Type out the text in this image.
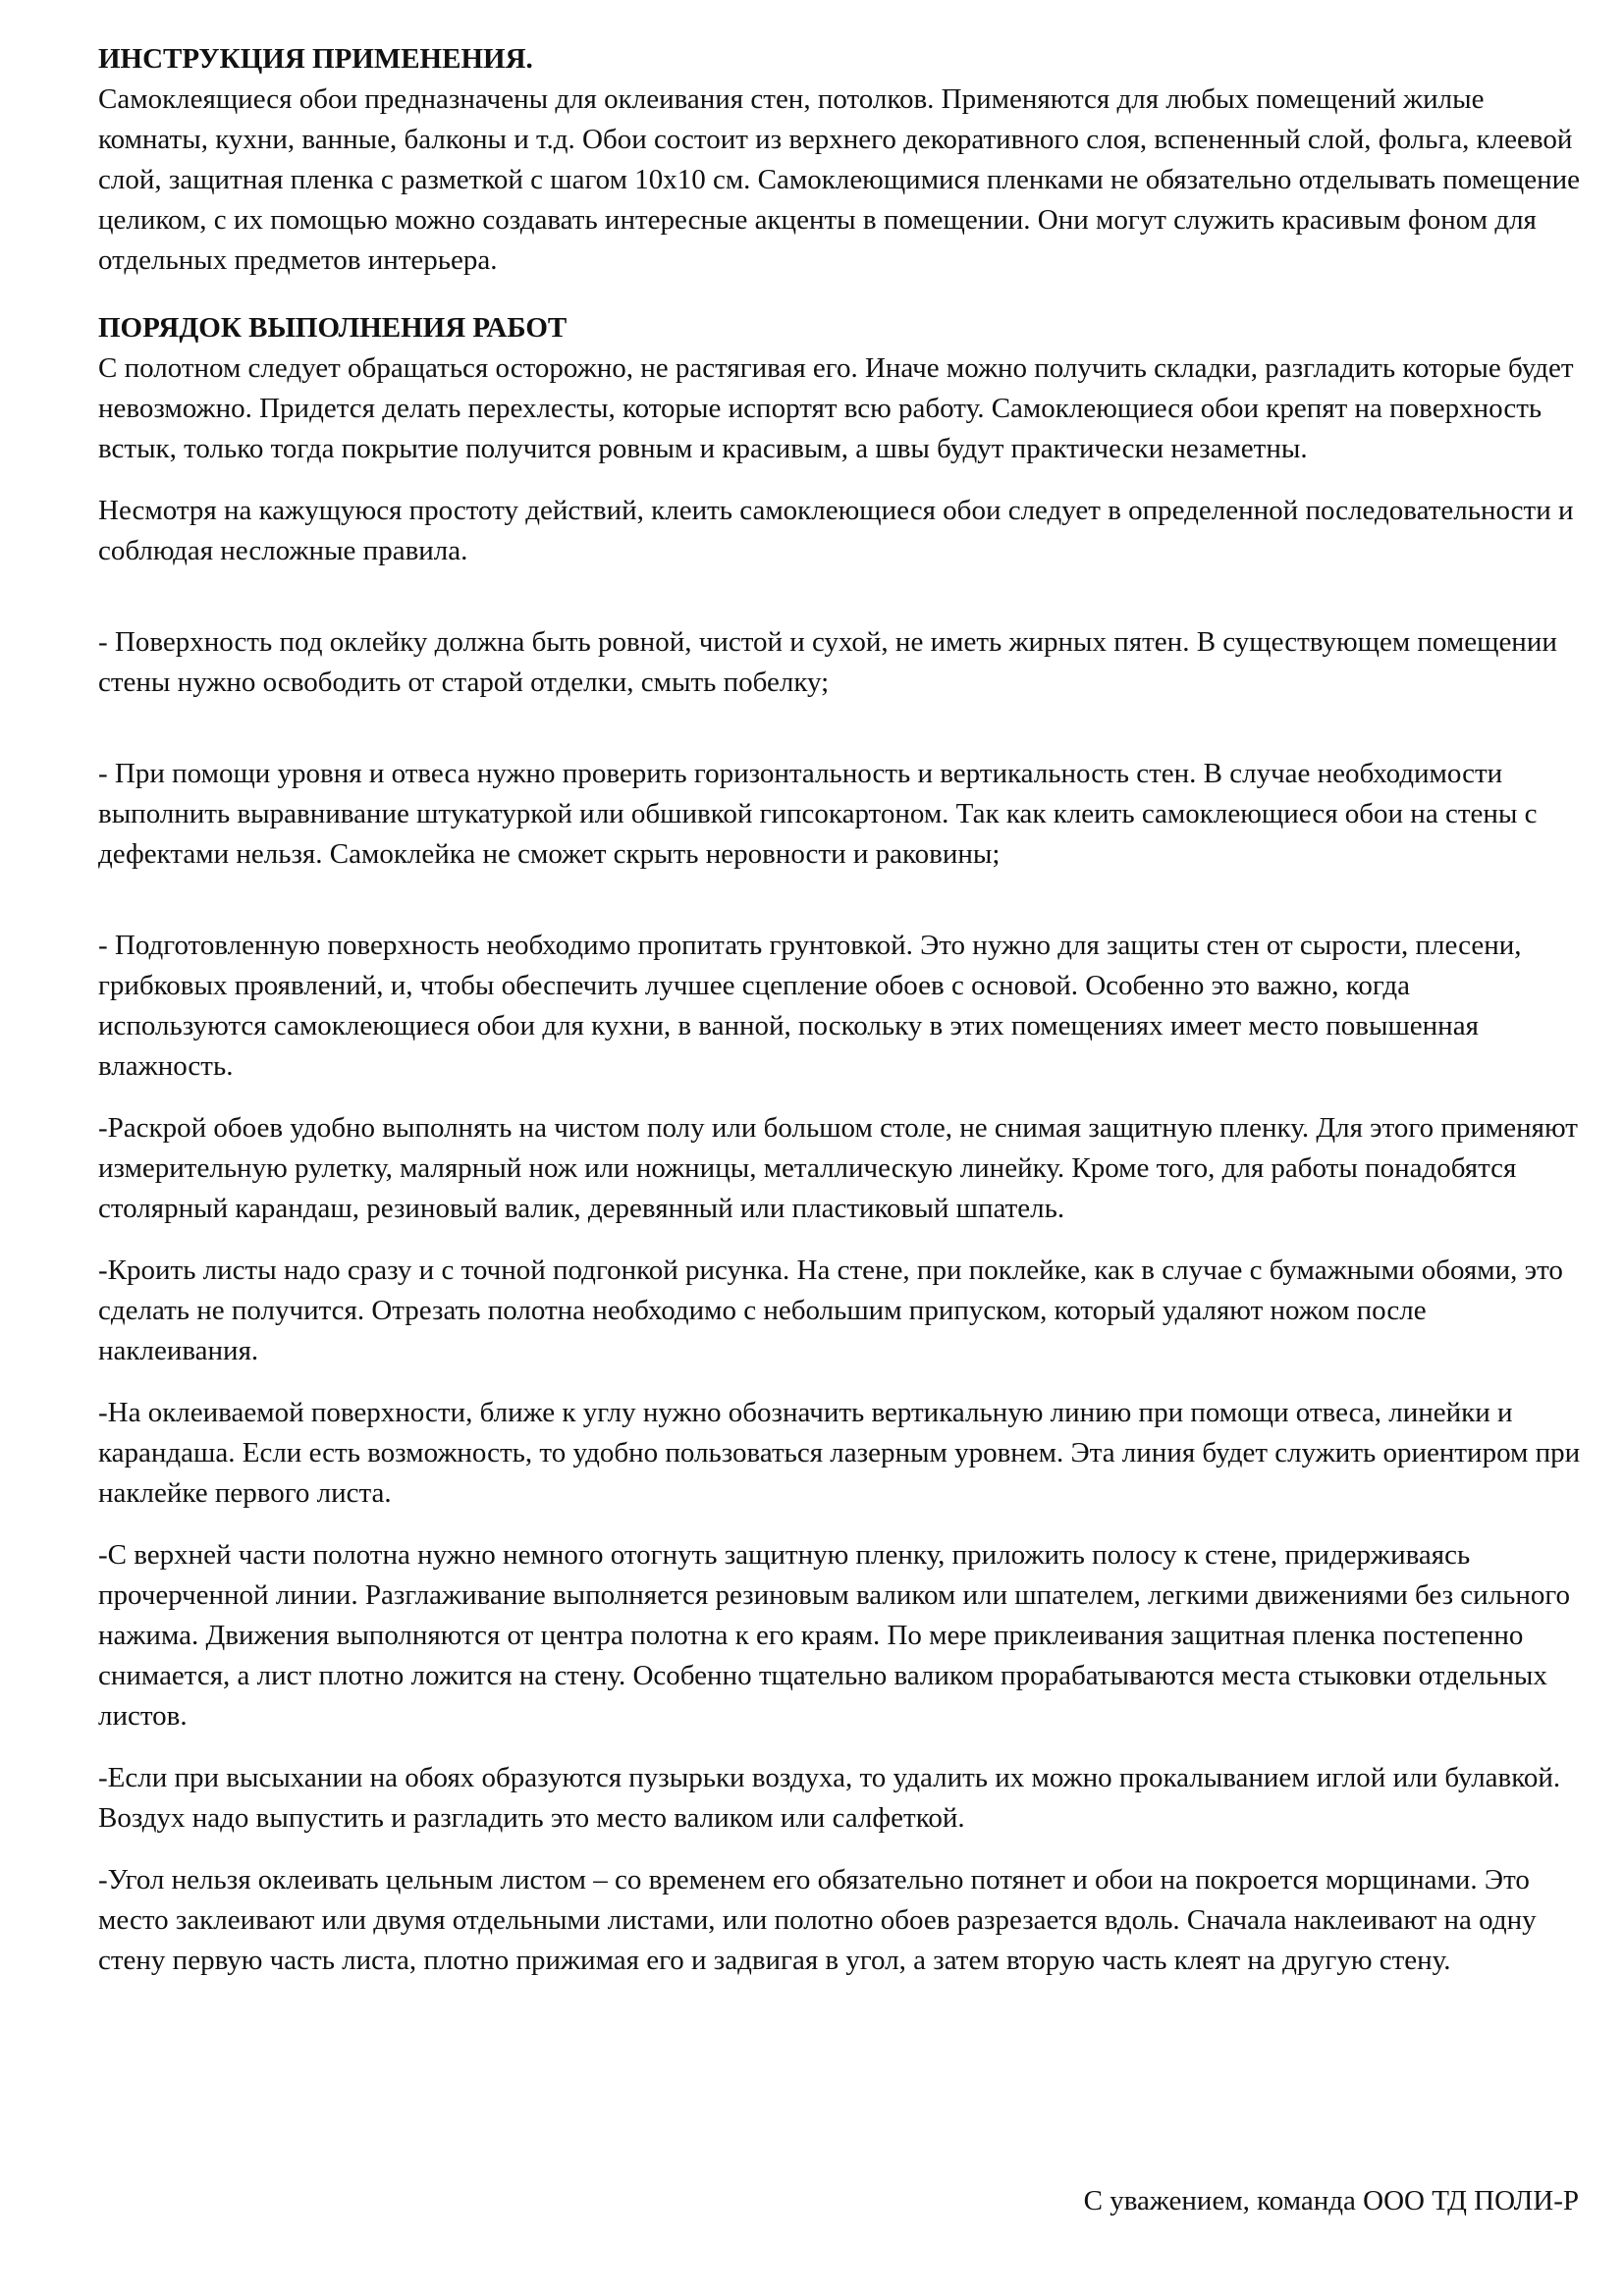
ИНСТРУКЦИЯ ПРИМЕНЕНИЯ.

Самоклеящиеся обои предназначены для оклеивания стен, потолков. Применяются для любых помещений жилые комнаты, кухни, ванные, балконы и т.д. Обои состоит из верхнего декоративного слоя, вспененный слой, фольга, клеевой слой, защитная пленка с разметкой с шагом 10х10 см. Самоклеющимися пленками не обязательно отделывать помещение целиком, с их помощью можно создавать интересные акценты в помещении. Они могут служить красивым фоном для отдельных предметов интерьера.

ПОРЯДОК ВЫПОЛНЕНИЯ РАБОТ

С полотном следует обращаться осторожно, не растягивая его. Иначе можно получить складки, разгладить которые будет невозможно. Придется делать перехлесты, которые испортят всю работу. Самоклеющиеся обои крепят на поверхность встык, только тогда покрытие получится ровным и красивым, а швы будут практически незаметны.

Несмотря на кажущуюся простоту действий, клеить самоклеющиеся обои следует в определенной последовательности и соблюдая несложные правила.

- Поверхность под оклейку должна быть ровной, чистой и сухой, не иметь жирных пятен. В существующем помещении стены нужно освободить от старой отделки, смыть побелку;

- При помощи уровня и отвеса нужно проверить горизонтальность и вертикальность стен. В случае необходимости выполнить выравнивание штукатуркой или обшивкой гипсокартоном. Так как клеить самоклеющиеся обои на стены с дефектами нельзя. Самоклейка не сможет скрыть неровности и раковины;

- Подготовленную поверхность необходимо пропитать грунтовкой. Это нужно для защиты стен от сырости, плесени, грибковых проявлений, и, чтобы обеспечить лучшее сцепление обоев с основой. Особенно это важно, когда используются самоклеющиеся обои для кухни, в ванной, поскольку в этих помещениях имеет место повышенная влажность.

-Раскрой обоев удобно выполнять на чистом полу или большом столе, не снимая защитную пленку. Для этого применяют измерительную рулетку, малярный нож или ножницы, металлическую линейку. Кроме того, для работы понадобятся столярный карандаш, резиновый валик, деревянный или пластиковый шпатель.

-Кроить листы надо сразу и с точной подгонкой рисунка. На стене, при поклейке, как в случае с бумажными обоями, это сделать не получится. Отрезать полотна необходимо с небольшим припуском, который удаляют ножом после наклеивания.

-На оклеиваемой поверхности, ближе к углу нужно обозначить вертикальную линию при помощи отвеса, линейки и карандаша. Если есть возможность, то удобно пользоваться лазерным уровнем. Эта линия будет служить ориентиром при наклейке первого листа.

-С верхней части полотна нужно немного отогнуть защитную пленку, приложить полосу к стене, придерживаясь прочерченной линии. Разглаживание выполняется резиновым валиком или шпателем, легкими движениями без сильного нажима. Движения выполняются от центра полотна к его краям. По мере приклеивания защитная пленка постепенно снимается, а лист плотно ложится на стену. Особенно тщательно валиком прорабатываются места стыковки отдельных листов.

-Если при высыхании на обоях образуются пузырьки воздуха, то удалить их можно прокалыванием иглой или булавкой. Воздух надо выпустить и разгладить это место валиком или салфеткой.

-Угол нельзя оклеивать цельным листом – со временем его обязательно потянет и обои на покроется морщинами. Это место заклеивают или двумя отдельными листами, или полотно обоев разрезается вдоль. Сначала наклеивают на одну стену первую часть листа, плотно прижимая его и задвигая в угол, а затем вторую часть клеят на другую стену.

С уважением, команда ООО ТД ПОЛИ-Р
